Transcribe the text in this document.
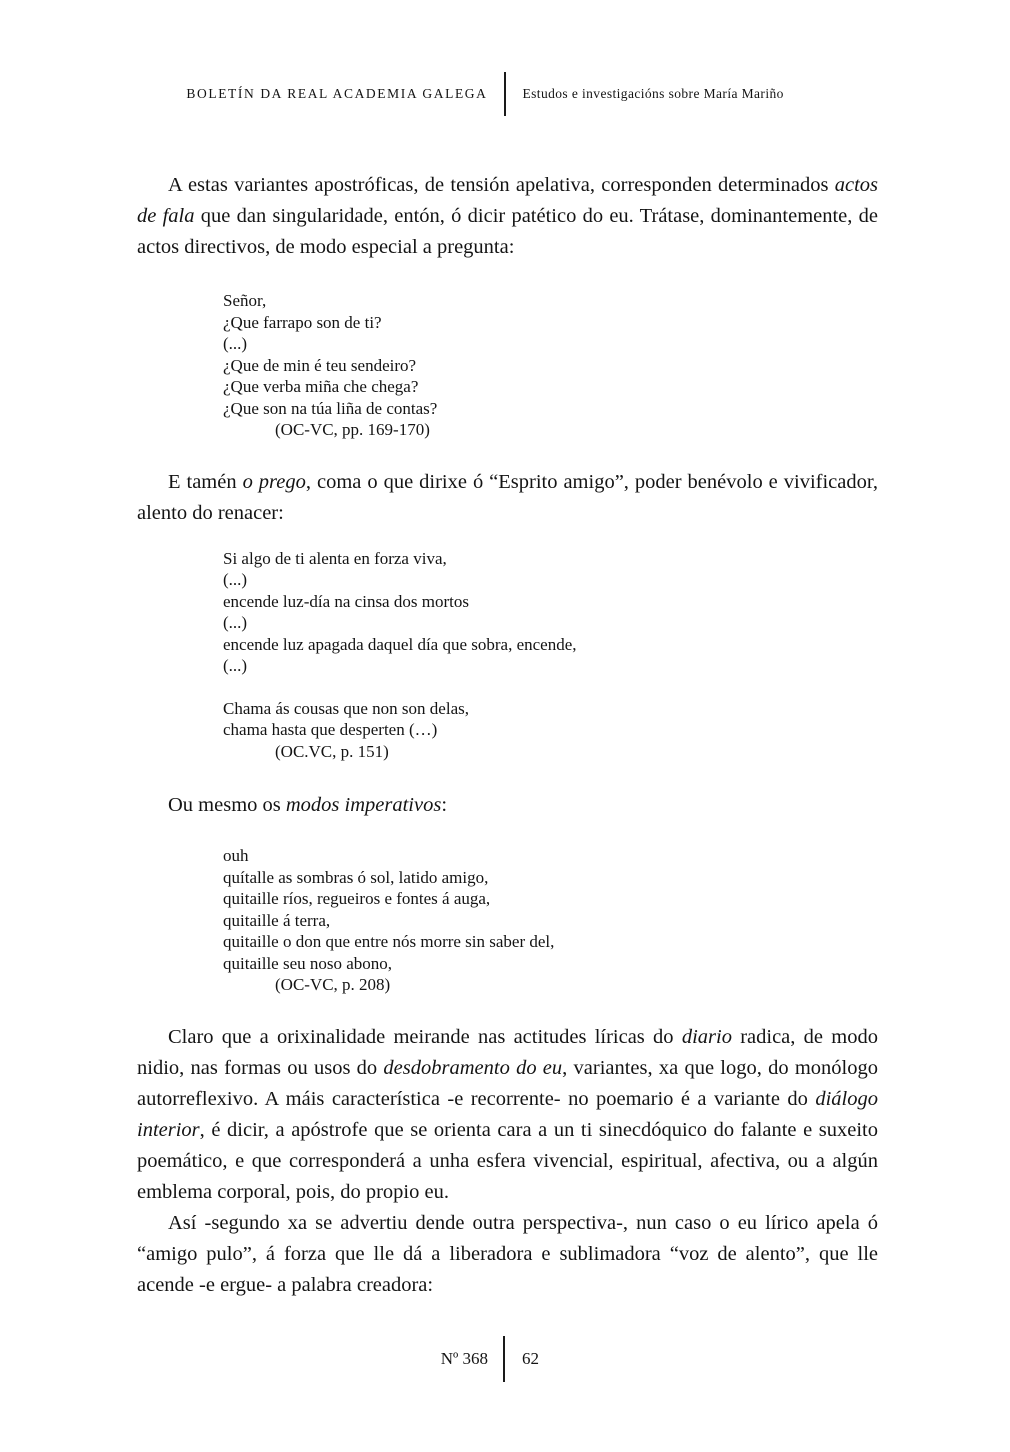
BOLETÍN DA REAL ACADEMIA GALEGA	Estudos e investigacións sobre María Mariño

A estas variantes apostróficas, de tensión apelativa, corresponden determinados actos de fala que dan singularidade, entón, ó dicir patético do eu. Trátase, dominantemente, de actos directivos, de modo especial a pregunta:

Señor,
¿Que farrapo son de ti?
(...)
¿Que de min é teu sendeiro?
¿Que verba miña che chega?
¿Que son na túa liña de contas?
(OC-VC, pp. 169-170)

E tamén o prego, coma o que dirixe ó “Esprito amigo”, poder benévolo e vivificador, alento do renacer:

Si algo de ti alenta en forza viva,
(...)
encende luz-día na cinsa dos mortos
(...)
encende luz apagada daquel día que sobra, encende,
(...)
Chama ás cousas que non son delas,
chama hasta que desperten (…)
(OC.VC, p. 151)

Ou mesmo os modos imperativos:

ouh
quítalle as sombras ó sol, latido amigo,
quitaille ríos, regueiros e fontes á auga,
quitaille á terra,
quitaille o don que entre nós morre sin saber del,
quitaille seu noso abono,
(OC-VC, p. 208)

Claro que a orixinalidade meirande nas actitudes líricas do diario radica, de modo nidio, nas formas ou usos do desdobramento do eu, variantes, xa que logo, do monólogo autorreflexivo. A máis característica -e recorrente- no poemario é a variante do diálogo interior, é dicir, a apóstrofe que se orienta cara a un ti sinecdóquico do falante e suxeito poemático, e que corresponderá a unha esfera vivencial, espiritual, afectiva, ou a algún emblema corporal, pois, do propio eu.

Así -segundo xa se advertiu dende outra perspectiva-, nun caso o eu lírico apela ó “amigo pulo”, á forza que lle dá a liberadora e sublimadora “voz de alento”, que lle acende -e ergue- a palabra creadora:

Nº 368	62
